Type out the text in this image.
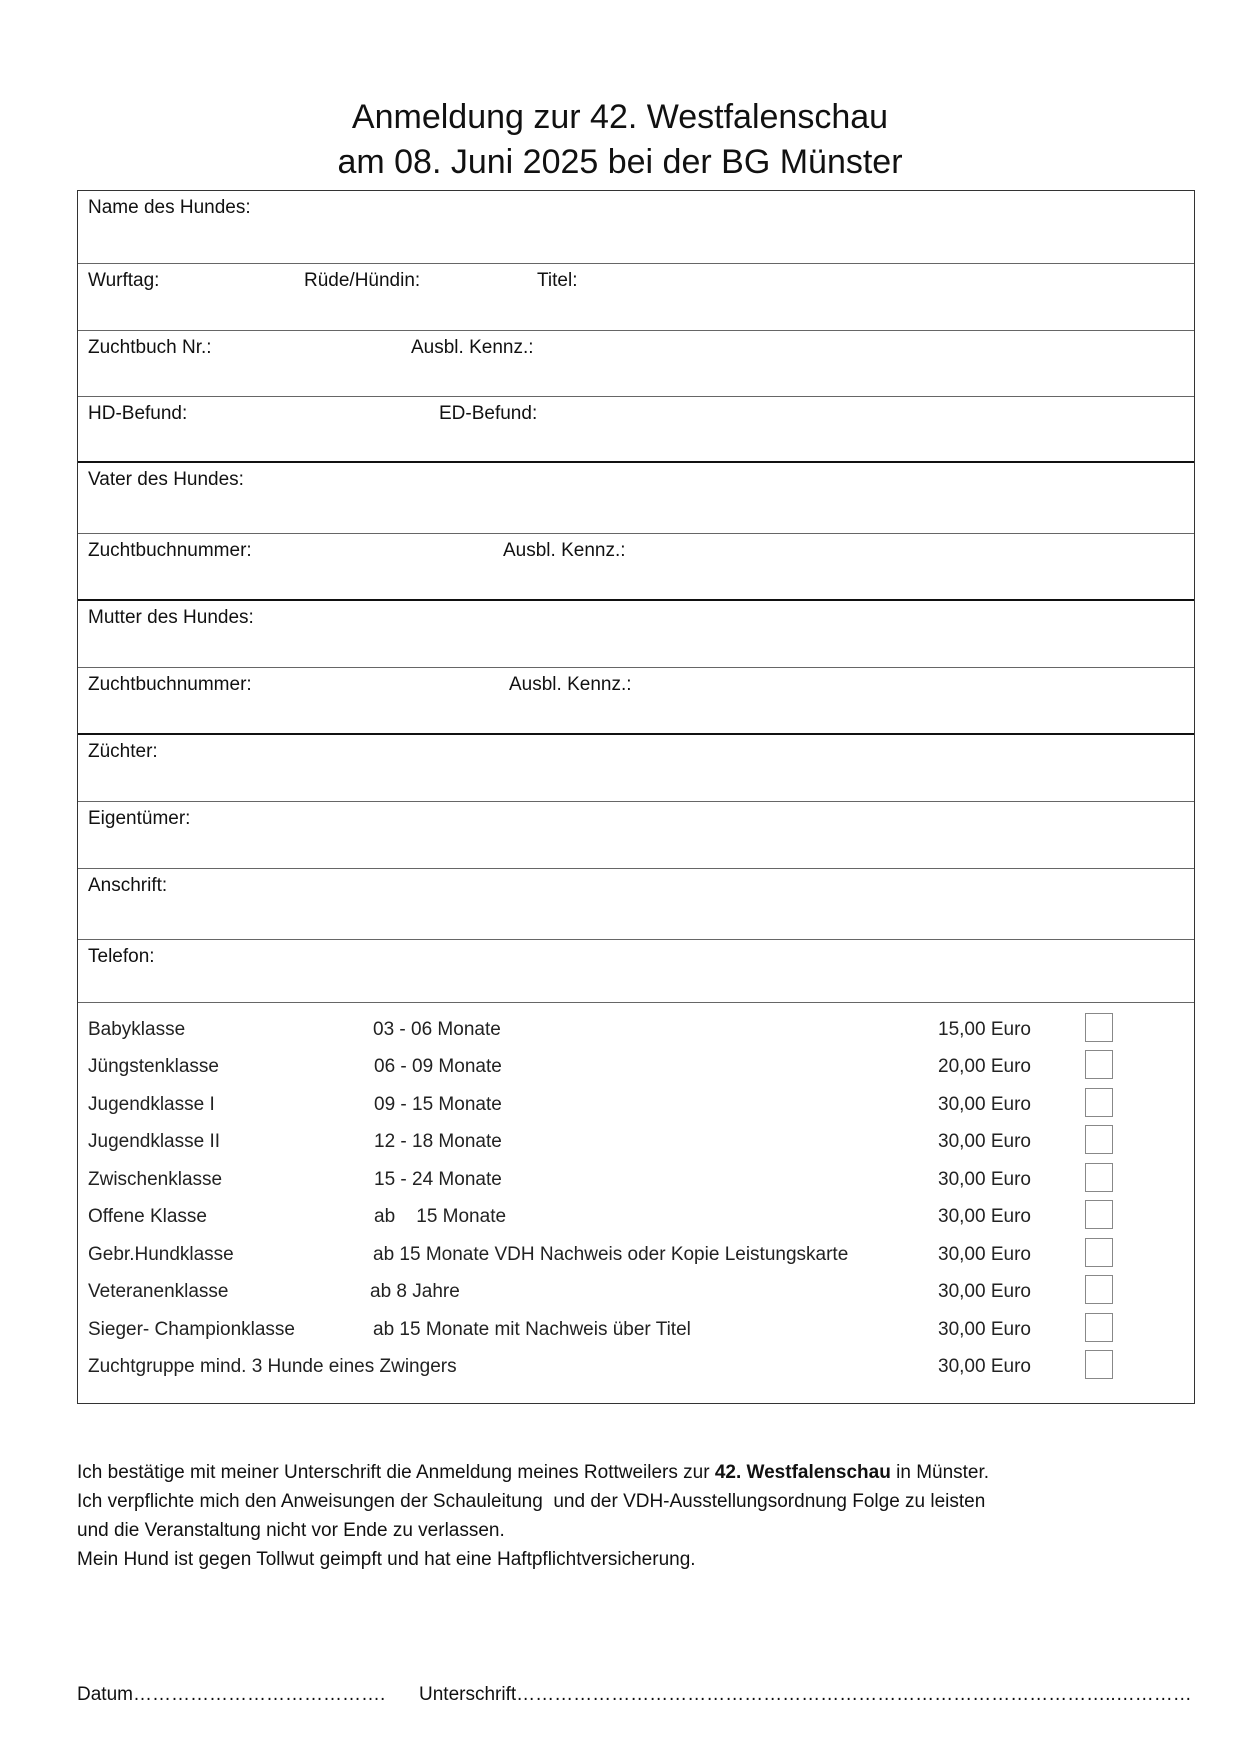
Anmeldung zur 42. Westfalenschau
am 08. Juni 2025 bei der BG Münster
Name des Hundes:
Wurftag:	Rüde/Hündin:	Titel:
Zuchtbuch Nr.:	Ausbl. Kennz.:
HD-Befund:	ED-Befund:
Vater des Hundes:
Zuchtbuchnummer:	Ausbl. Kennz.:
Mutter des Hundes:
Zuchtbuchnummer:	Ausbl. Kennz.:
Züchter:
Eigentümer:
Anschrift:
Telefon:
Babyklasse	03 - 06 Monate	15,00 Euro
Jüngstenklasse	06 - 09 Monate	20,00 Euro
Jugendklasse I	09 - 15 Monate	30,00 Euro
Jugendklasse II	12 - 18 Monate	30,00 Euro
Zwischenklasse	15 - 24 Monate	30,00 Euro
Offene Klasse	ab    15 Monate	30,00 Euro
Gebr.Hundklasse	ab 15 Monate VDH Nachweis oder Kopie Leistungskarte	30,00 Euro
Veteranenklasse	ab 8 Jahre	30,00 Euro
Sieger- Championklasse	ab 15 Monate mit Nachweis über Titel	30,00 Euro
Zuchtgruppe mind. 3 Hunde eines Zwingers	30,00 Euro

Ich bestätige mit meiner Unterschrift die Anmeldung meines Rottweilers zur 42. Westfalenschau in Münster.

Ich verpflichte mich den Anweisungen der Schauleitung  und der VDH-Ausstellungsordnung Folge zu leisten

und die Veranstaltung nicht vor Ende zu verlassen.

Mein Hund ist gegen Tollwut geimpft und hat eine Haftpflichtversicherung.

Datum…………………………………. Unterschrift…………………………………………………………………………………..…………
